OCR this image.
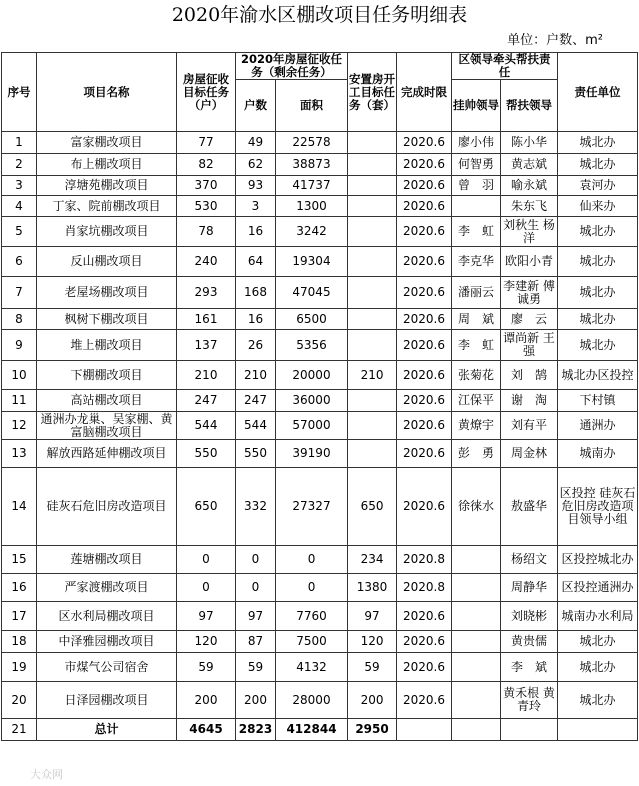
2020年渝水区棚改项目任务明细表
单位：户数、m²
序号	项目名称	房屋征收目标任务（户）	2020年房屋征收任务（剩余任务）		安置房开工目标任务（套）	完成时限	区领导牵头帮扶责任		责任单位
			户数	面积			挂帅领导	帮扶领导	
1	富家棚改项目	77	49	22578		2020.6	廖小伟	陈小华	城北办
2	布上棚改项目	82	62	38873		2020.6	何智勇	黄志斌	城北办
3	淳塘苑棚改项目	370	93	41737		2020.6	曾　羽	喻永斌	袁河办
4	丁家、院前棚改项目	530	3	1300		2020.6		朱东飞	仙来办
5	肖家坑棚改项目	78	16	3242		2020.6	李　虹	刘秋生 杨　洋	城北办
6	反山棚改项目	240	64	19304		2020.6	李克华	欧阳小青	城北办
7	老屋场棚改项目	293	168	47045		2020.6	潘丽云	李建新 傅诚勇	城北办
8	枫树下棚改项目	161	16	6500		2020.6	周　斌	廖　云	城北办
9	堆上棚改项目	137	26	5356		2020.6	李　虹	谭尚新 王　强	城北办
10	下棚棚改项目	210	210	20000	210	2020.6	张菊花	刘　鹄	城北办区投控
11	高站棚改项目	247	247	36000		2020.6	江保平	谢　淘	下村镇
12	通洲办龙巢、吴家棚、黄富脑棚改项目	544	544	57000		2020.6	黄燎宇	刘有平	通洲办
13	解放西路延伸棚改项目	550	550	39190		2020.6	彭　勇	周金林	城南办
14	硅灰石危旧房改造项目	650	332	27327	650	2020.6	徐徕水	敖盛华	区投控 硅灰石危旧房改造项目领导小组
15	莲塘棚改项目	0	0	0	234	2020.8		杨绍文	区投控城北办
16	严家渡棚改项目	0	0	0	1380	2020.8		周静华	区投控通洲办
17	区水利局棚改项目	97	97	7760	97	2020.6		刘晓彬	城南办水利局
18	中泽雅园棚改项目	120	87	7500	120	2020.6		黄贵儒	城北办
19	市煤气公司宿舍	59	59	4132	59	2020.6		李　斌	城北办
20	日泽园棚改项目	200	200	28000	200	2020.6		黄禾根 黄青玲	城北办
21	总计	4645	2823	412844	2950				
大众网
